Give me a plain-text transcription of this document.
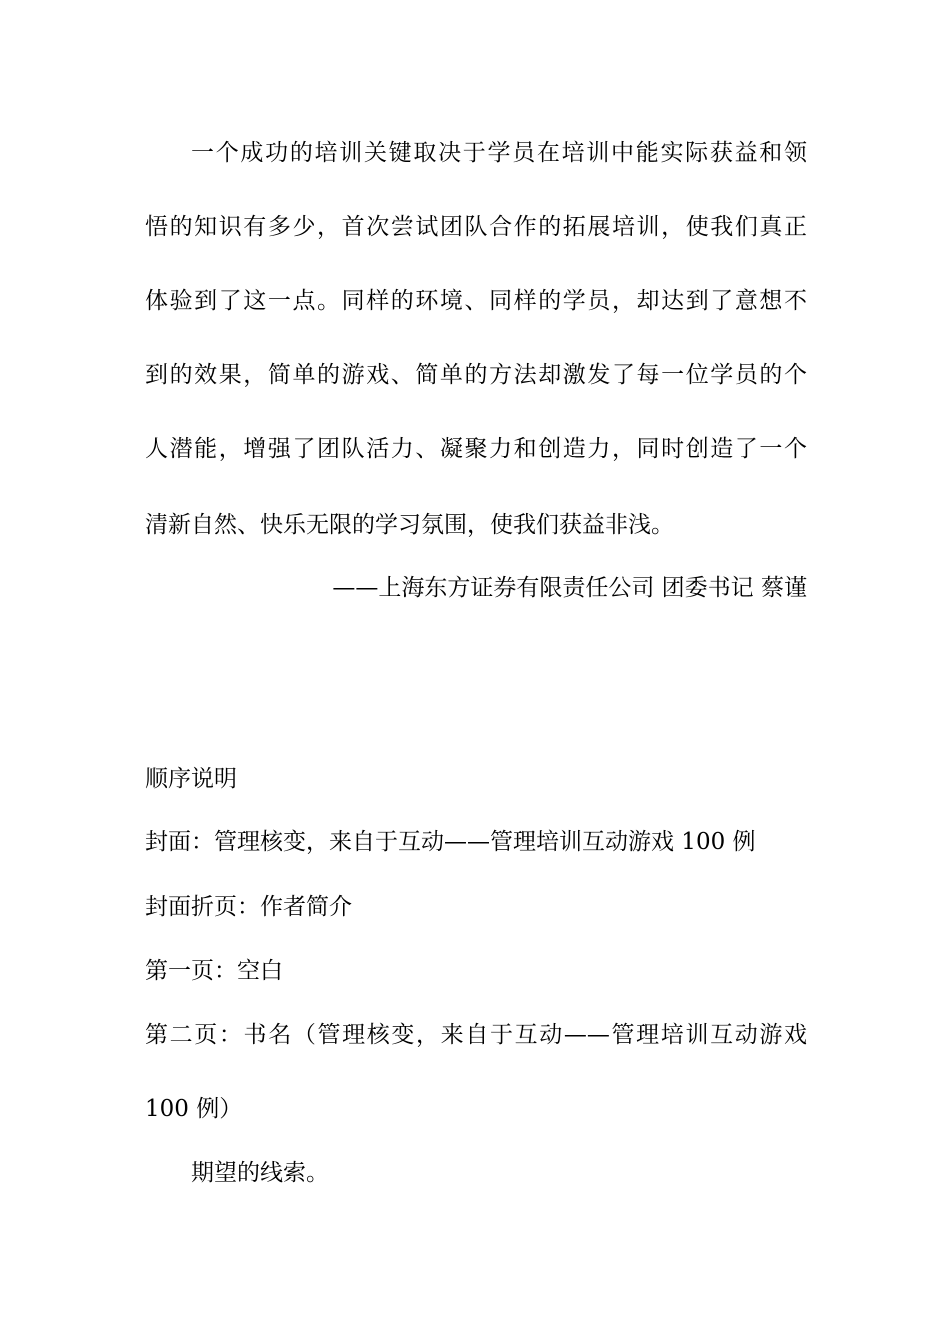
一个成功的培训关键取决于学员在培训中能实际获益和领
悟的知识有多少，首次尝试团队合作的拓展培训，使我们真正
体验到了这一点。同样的环境、同样的学员，却达到了意想不
到的效果，简单的游戏、简单的方法却激发了每一位学员的个
人潜能，增强了团队活力、凝聚力和创造力，同时创造了一个
清新自然、快乐无限的学习氛围，使我们获益非浅。
——上海东方证券有限责任公司 团委书记 蔡谨
顺序说明
封面：管理核变，来自于互动——管理培训互动游戏 100 例
封面折页：作者简介
第一页：空白
第二页：书名（管理核变，来自于互动——管理培训互动游戏
100 例）
期望的线索。
